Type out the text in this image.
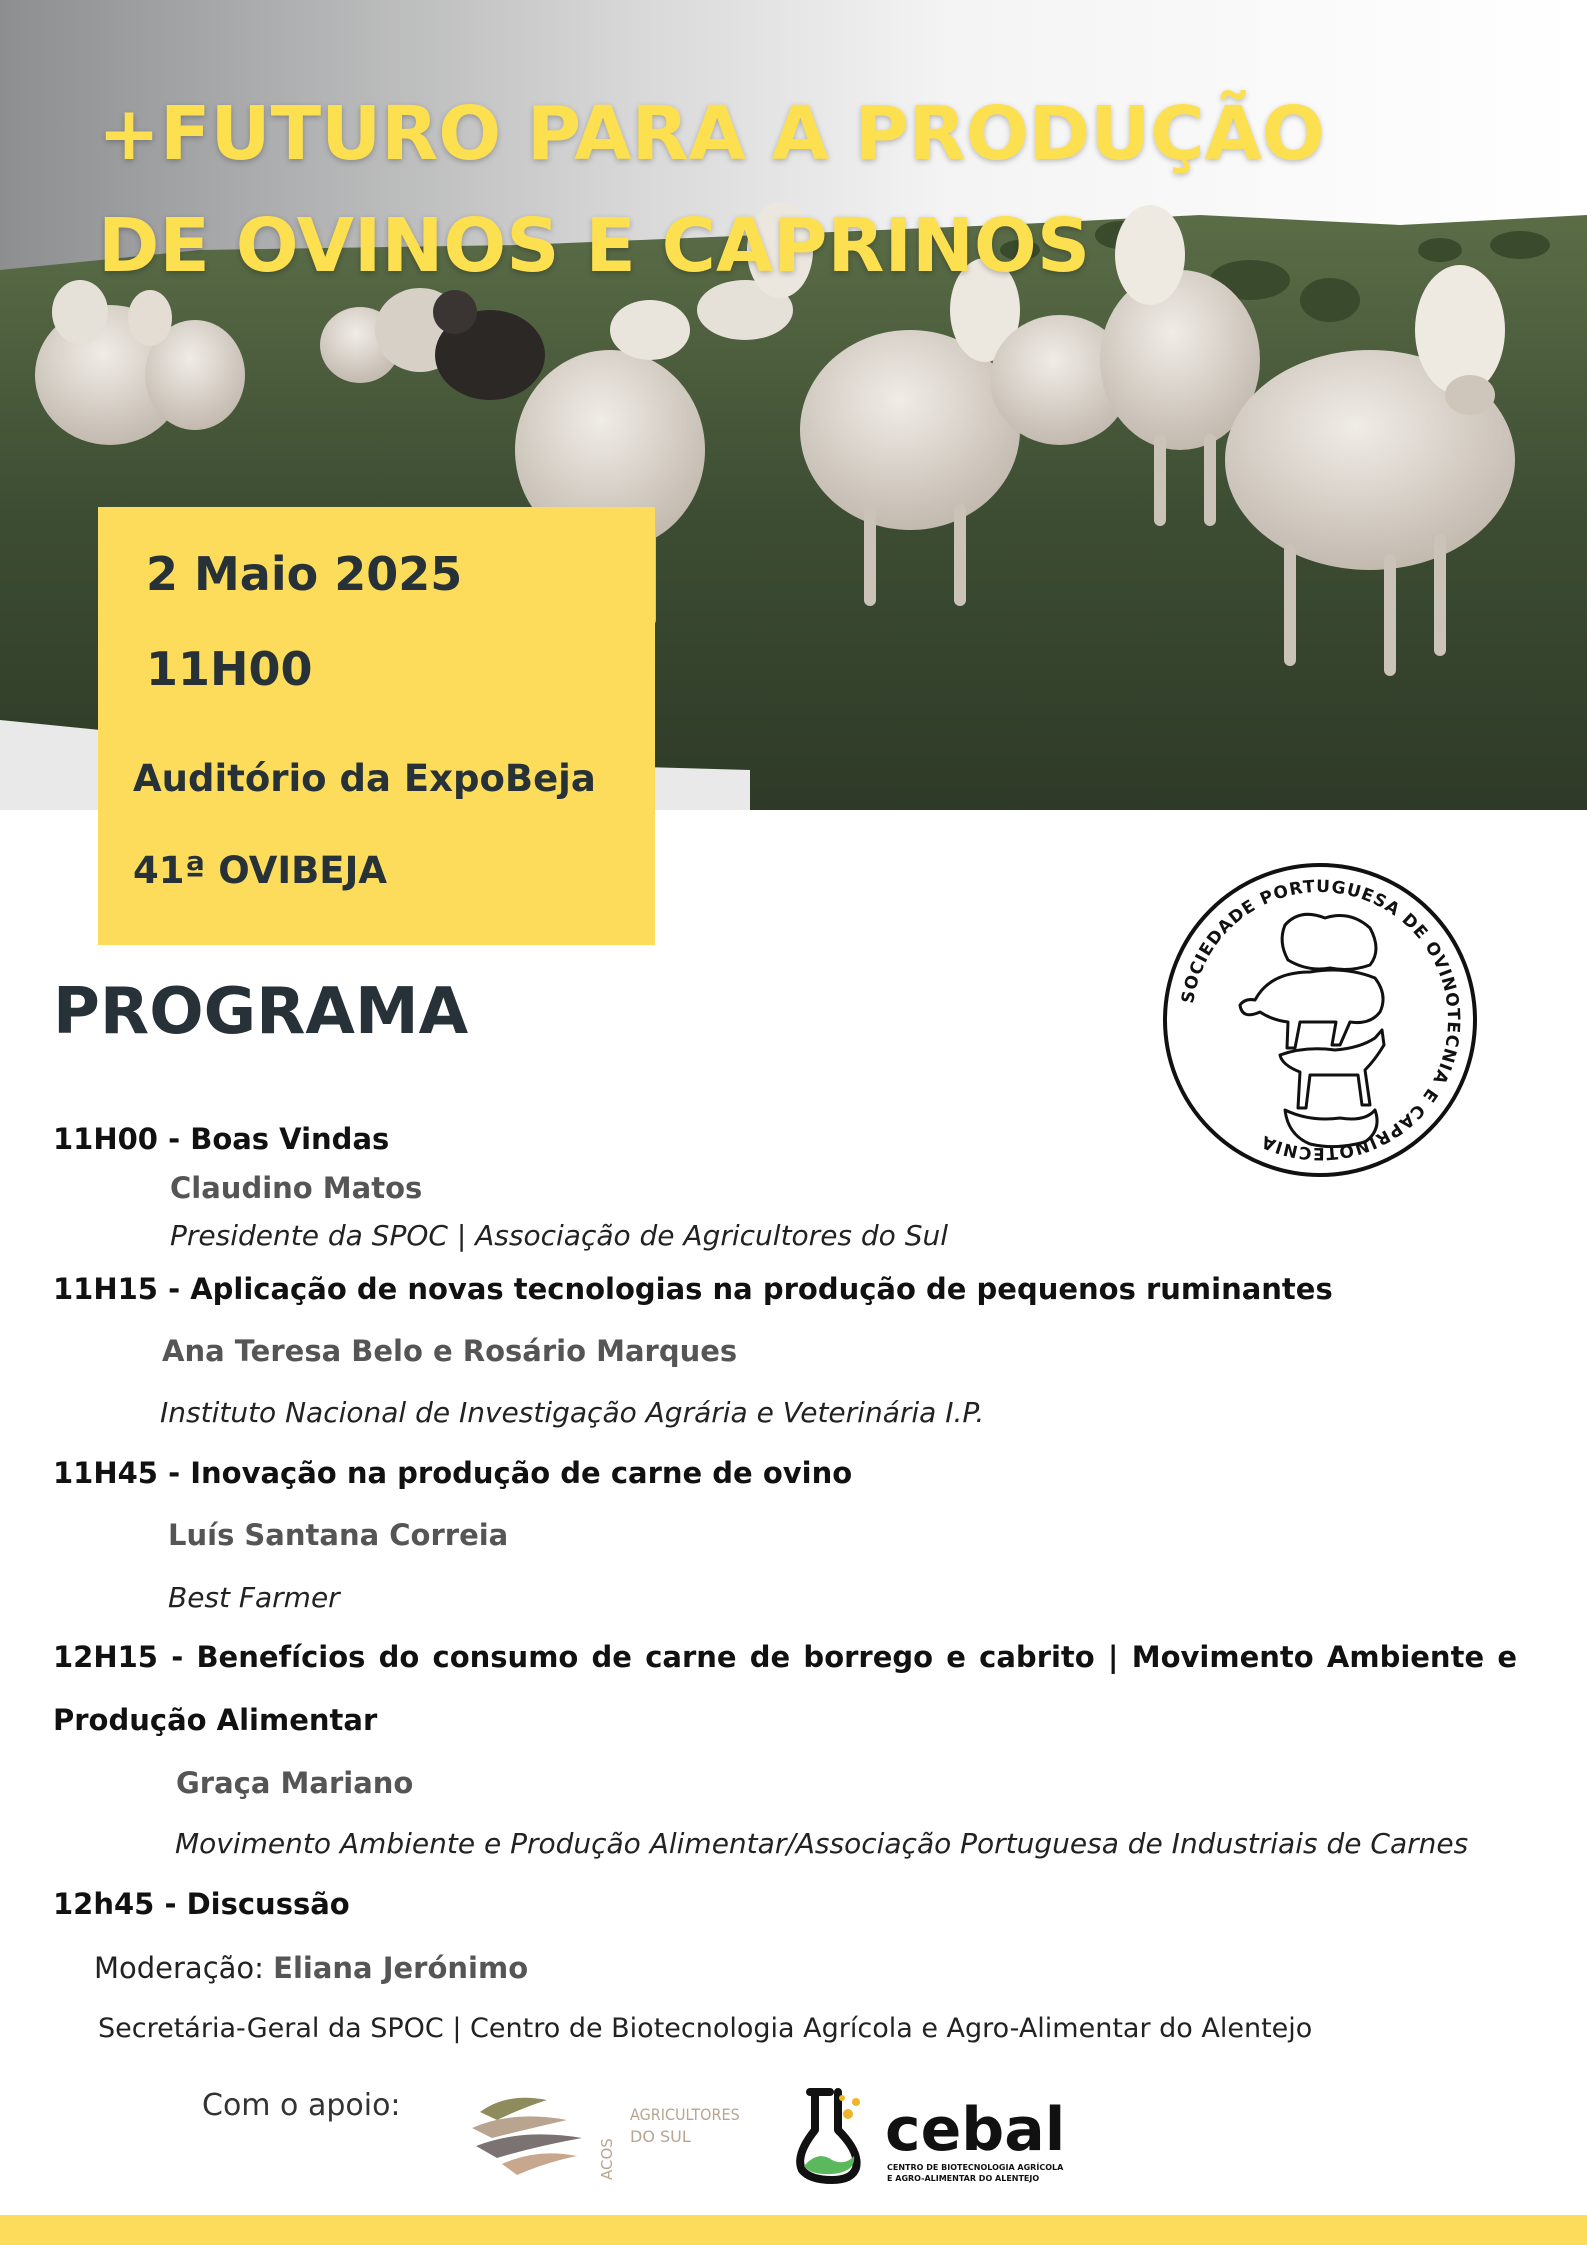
+FUTURO PARA A PRODUÇÃO
DE OVINOS E CAPRINOS
2 Maio 2025
11H00
Auditório da ExpoBeja
41ª OVIBEJA
SOCIEDADE PORTUGUESA DE OVINOTECNIA E CAPRINOTECNIA
PROGRAMA
11H00 - Boas Vindas
Claudino Matos
Presidente da SPOC | Associação de Agricultores do Sul
11H15 - Aplicação de novas tecnologias na produção de pequenos ruminantes
Ana Teresa Belo e Rosário Marques
Instituto Nacional de Investigação Agrária e Veterinária I.P.
11H45 - Inovação na produção de carne de ovino
Luís Santana Correia
Best Farmer
12H15 - Benefícios do consumo de carne de borrego e cabrito | Movimento Ambiente e
Produção Alimentar
Graça Mariano
Movimento Ambiente e Produção Alimentar/Associação Portuguesa de Industriais de Carnes
12h45 - Discussão
Moderação: Eliana Jerónimo
Secretária-Geral da SPOC | Centro de Biotecnologia Agrícola e Agro-Alimentar do Alentejo
Com o apoio:
ACOS
AGRICULTORES
DO SUL	cebal
CENTRO DE BIOTECNOLOGIA AGRÍCOLA
E AGRO-ALIMENTAR DO ALENTEJO
